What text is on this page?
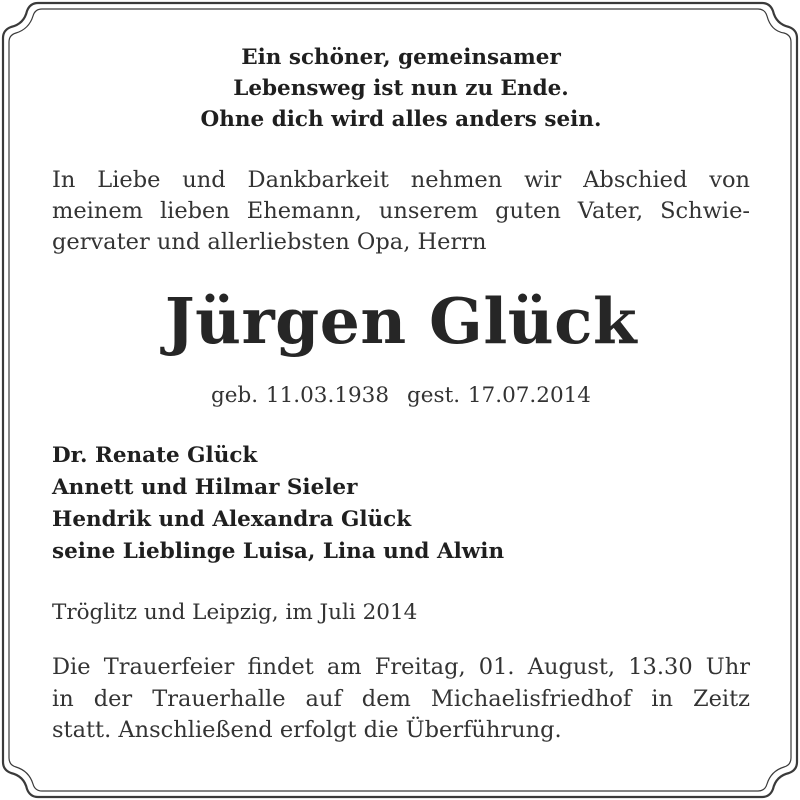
Ein schöner, gemeinsamer
Lebensweg ist nun zu Ende.
Ohne dich wird alles anders sein.
In Liebe und Dankbarkeit nehmen wir Abschied von
meinem lieben Ehemann, unserem guten Vater, Schwie-
gervater und allerliebsten Opa, Herrn
Jürgen Glück
geb. 11.03.1938 gest. 17.07.2014
Dr. Renate Glück
Annett und Hilmar Sieler
Hendrik und Alexandra Glück
seine Lieblinge Luisa, Lina und Alwin
Tröglitz und Leipzig, im Juli 2014
Die Trauerfeier findet am Freitag, 01. August, 13.30 Uhr
in der Trauerhalle auf dem Michaelisfriedhof in Zeitz
statt. Anschließend erfolgt die Überführung.
